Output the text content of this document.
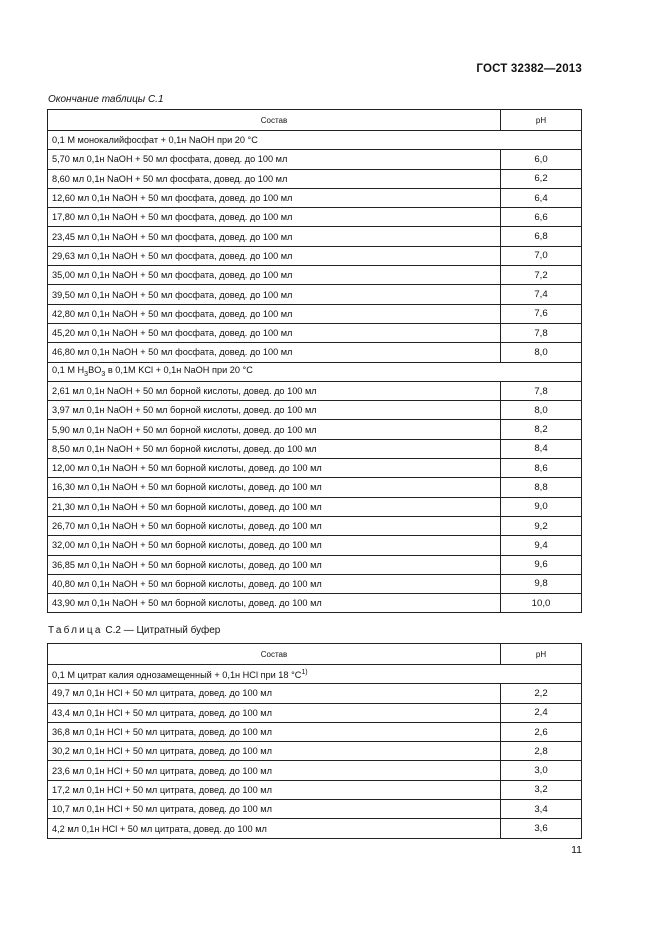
ГОСТ 32382—2013
Окончание таблицы С.1
Состав	pH
0,1 М монокалийфосфат + 0,1н NaOH при 20 °С	
5,70 мл 0,1н NaOH + 50 мл фосфата, довед. до 100 мл	6,0
8,60 мл 0,1н NaOH + 50 мл фосфата, довед. до 100 мл	6,2
12,60 мл 0,1н NaOH + 50 мл фосфата, довед. до 100 мл	6,4
17,80 мл 0,1н NaOH + 50 мл фосфата, довед. до 100 мл	6,6
23,45 мл 0,1н NaOH + 50 мл фосфата, довед. до 100 мл	6,8
29,63 мл 0,1н NaOH + 50 мл фосфата, довед. до 100 мл	7,0
35,00 мл 0,1н NaOH + 50 мл фосфата, довед. до 100 мл	7,2
39,50 мл 0,1н NaOH + 50 мл фосфата, довед. до 100 мл	7,4
42,80 мл 0,1н NaOH + 50 мл фосфата, довед. до 100 мл	7,6
45,20 мл 0,1н NaOH + 50 мл фосфата, довед. до 100 мл	7,8
46,80 мл 0,1н NaOH + 50 мл фосфата, довед. до 100 мл	8,0
0,1 М $H_3BO_3$ в 0,1М KCl + 0,1н NaOH при 20 °С	
2,61 мл 0,1н NaOH + 50 мл борной кислоты, довед. до 100 мл	7,8
3,97 мл 0,1н NaOH + 50 мл борной кислоты, довед. до 100 мл	8,0
5,90 мл 0,1н NaOH + 50 мл борной кислоты, довед. до 100 мл	8,2
8,50 мл 0,1н NaOH + 50 мл борной кислоты, довед. до 100 мл	8,4
12,00 мл 0,1н NaOH + 50 мл борной кислоты, довед. до 100 мл	8,6
16,30 мл 0,1н NaOH + 50 мл борной кислоты, довед. до 100 мл	8,8
21,30 мл 0,1н NaOH + 50 мл борной кислоты, довед. до 100 мл	9,0
26,70 мл 0,1н NaOH + 50 мл борной кислоты, довед. до 100 мл	9,2
32,00 мл 0,1н NaOH + 50 мл борной кислоты, довед. до 100 мл	9,4
36,85 мл 0,1н NaOH + 50 мл борной кислоты, довед. до 100 мл	9,6
40,80 мл 0,1н NaOH + 50 мл борной кислоты, довед. до 100 мл	9,8
43,90 мл 0,1н NaOH + 50 мл борной кислоты, довед. до 100 мл	10,0
Таблица С.2 — Цитратный буфер
Состав	pH
0,1 М цитрат калия однозамещенный + 0,1н HCl при 18 $^\circ С^{1)}$
49,7 мл 0,1н HCl + 50 мл цитрата, довед. до 100 мл	2,2
43,4 мл 0,1н HCl + 50 мл цитрата, довед. до 100 мл	2,4
36,8 мл 0,1н HCl + 50 мл цитрата, довед. до 100 мл	2,6
30,2 мл 0,1н HCl + 50 мл цитрата, довед. до 100 мл	2,8
23,6 мл 0,1н HCl + 50 мл цитрата, довед. до 100 мл	3,0
17,2 мл 0,1н HCl + 50 мл цитрата, довед. до 100 мл	3,2
10,7 мл 0,1н HCl + 50 мл цитрата, довед. до 100 мл	3,4
4,2 мл 0,1н HCl + 50 мл цитрата, довед. до 100 мл	3,6
11
